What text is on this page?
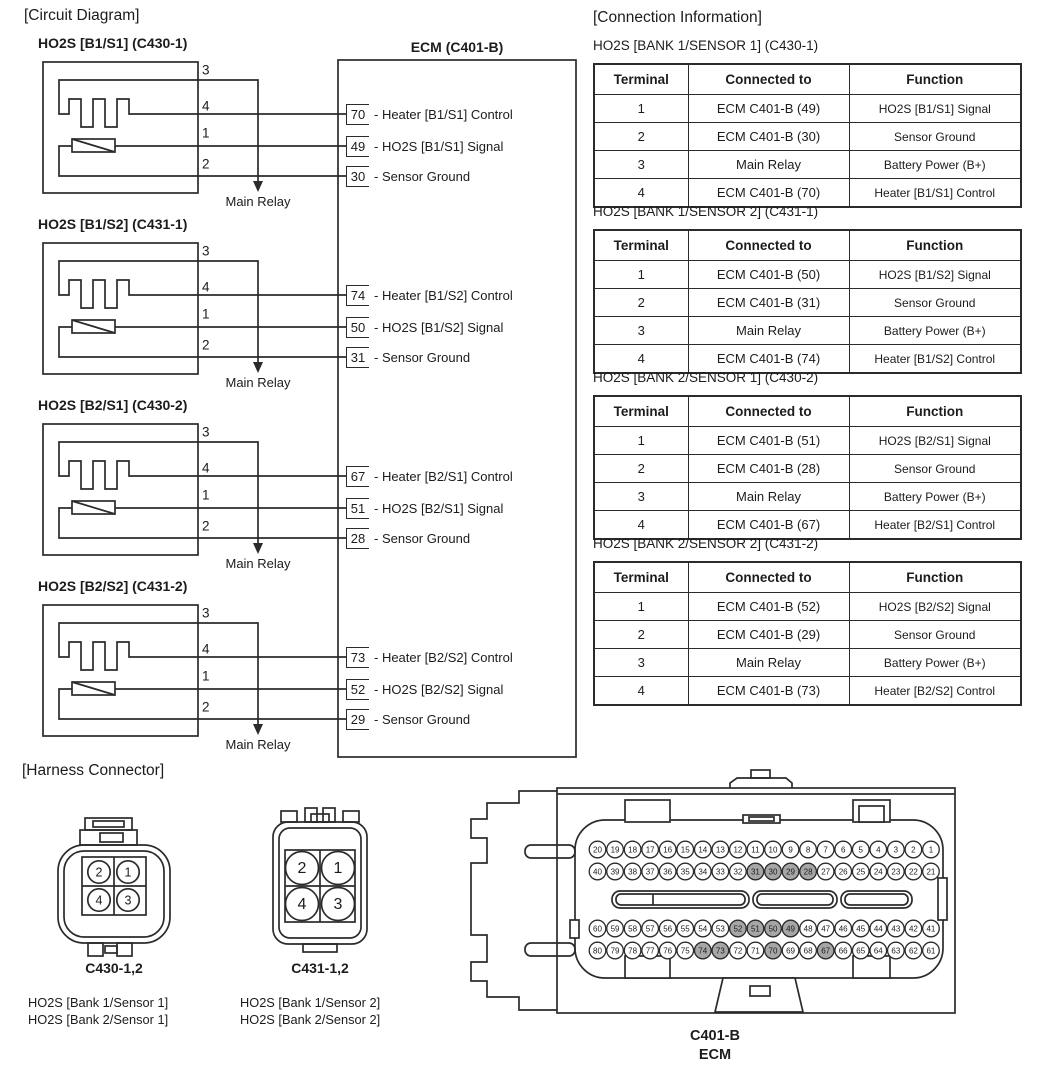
2 1
4 3
2 1
4 3
20 19 18 17 16 15 14 13 12 11 10 9 8 7 6 5 4 3 2 1
40 39 38 37 36 35 34 33 32 31 30 29 28 27 26 25 24 23 22 21
60 59 58 57 56 55 54 53 52 51 50 49 48 47 46 45 44 43 42 41
80 79 78 77 76 75 74 73 72 71 70 69 68 67 66 65 64 63 62 61
[Circuit Diagram]	[Connection Information]
[Harness Connector]
ECM (C401-B)
C430-1,2	C431-1,2
HO2S [Bank 1/Sensor 1]
HO2S [Bank 2/Sensor 1]
HO2S [Bank 1/Sensor 2]
HO2S [Bank 2/Sensor 2]
C401-B
ECM
HO2S [B1/S1] (C430-1)
3
4
1
2
70 - Heater [B1/S1] Control
49 - HO2S [B1/S1] Signal
30 - Sensor Ground
Main Relay
HO2S [B1/S2] (C431-1)
3
4
1
2
74 - Heater [B1/S2] Control
50 - HO2S [B1/S2] Signal
31 - Sensor Ground
Main Relay
HO2S [B2/S1] (C430-2)
3
4
1
2
67 - Heater [B2/S1] Control
51 - HO2S [B2/S1] Signal
28 - Sensor Ground
Main Relay
HO2S [B2/S2] (C431-2)
3
4
1
2
73 - Heater [B2/S2] Control
52 - HO2S [B2/S2] Signal
29 - Sensor Ground
Main Relay
HO2S [BANK 1/SENSOR 1] (C430-1)
Terminal	Connected to	Function
1	ECM C401-B (49)	HO2S [B1/S1] Signal
2	ECM C401-B (30)	Sensor Ground
3	Main Relay	Battery Power (B+)
4	ECM C401-B (70)	Heater [B1/S1] Control
HO2S [BANK 1/SENSOR 2] (C431-1)
Terminal	Connected to	Function
1	ECM C401-B (50)	HO2S [B1/S2] Signal
2	ECM C401-B (31)	Sensor Ground
3	Main Relay	Battery Power (B+)
4	ECM C401-B (74)	Heater [B1/S2] Control
HO2S [BANK 2/SENSOR 1] (C430-2)
Terminal	Connected to	Function
1	ECM C401-B (51)	HO2S [B2/S1] Signal
2	ECM C401-B (28)	Sensor Ground
3	Main Relay	Battery Power (B+)
4	ECM C401-B (67)	Heater [B2/S1] Control
HO2S [BANK 2/SENSOR 2] (C431-2)
Terminal	Connected to	Function
1	ECM C401-B (52)	HO2S [B2/S2] Signal
2	ECM C401-B (29)	Sensor Ground
3	Main Relay	Battery Power (B+)
4	ECM C401-B (73)	Heater [B2/S2] Control
